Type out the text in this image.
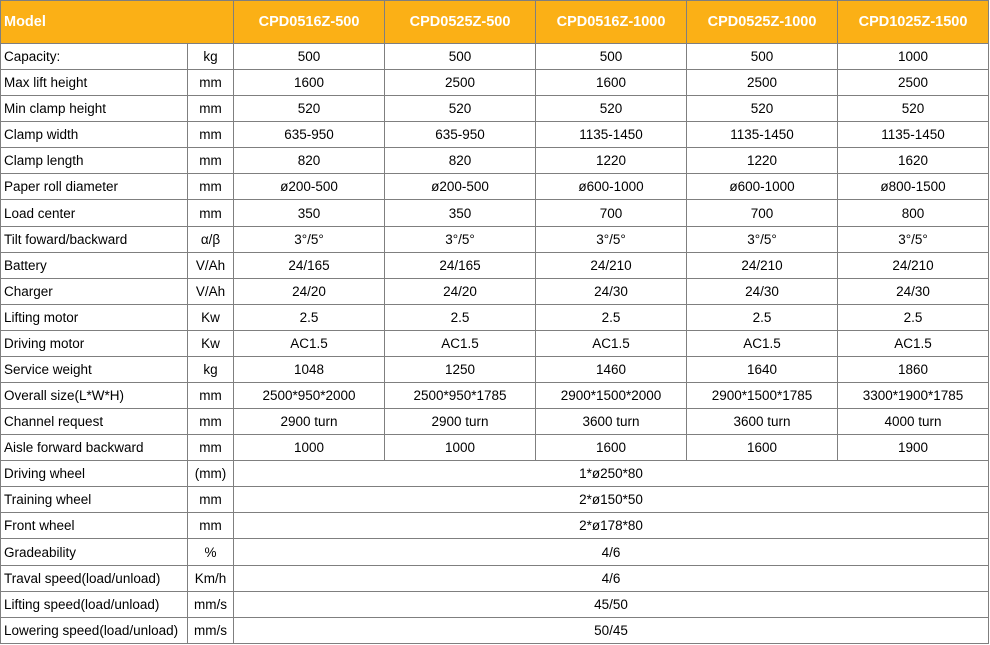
Model		CPD0516Z-500	CPD0525Z-500	CPD0516Z-1000	CPD0525Z-1000	CPD1025Z-1500
Capacity:	kg	500	500	500	500	1000
Max lift height	mm	1600	2500	1600	2500	2500
Min clamp height	mm	520	520	520	520	520
Clamp width	mm	635-950	635-950	1135-1450	1135-1450	1135-1450
Clamp length	mm	820	820	1220	1220	1620
Paper roll diameter	mm	ø200-500	ø200-500	ø600-1000	ø600-1000	ø800-1500
Load center	mm	350	350	700	700	800
Tilt foward/backward	α/β	3°/5°	3°/5°	3°/5°	3°/5°	3°/5°
Battery	V/Ah	24/165	24/165	24/210	24/210	24/210
Charger	V/Ah	24/20	24/20	24/30	24/30	24/30
Lifting motor	Kw	2.5	2.5	2.5	2.5	2.5
Driving motor	Kw	AC1.5	AC1.5	AC1.5	AC1.5	AC1.5
Service weight	kg	1048	1250	1460	1640	1860
Overall size(L*W*H)	mm	2500*950*2000	2500*950*1785	2900*1500*2000	2900*1500*1785	3300*1900*1785
Channel request	mm	2900 turn	2900 turn	3600 turn	3600 turn	4000 turn
Aisle forward backward	mm	1000	1000	1600	1600	1900
Driving wheel	(mm)	1*ø250*80				
Training wheel	mm	2*ø150*50				
Front wheel	mm	2*ø178*80				
Gradeability	%	4/6				
Traval speed(load/unload)	Km/h	4/6				
Lifting speed(load/unload)	mm/s	45/50				
Lowering speed(load/unload)	mm/s	50/45				
